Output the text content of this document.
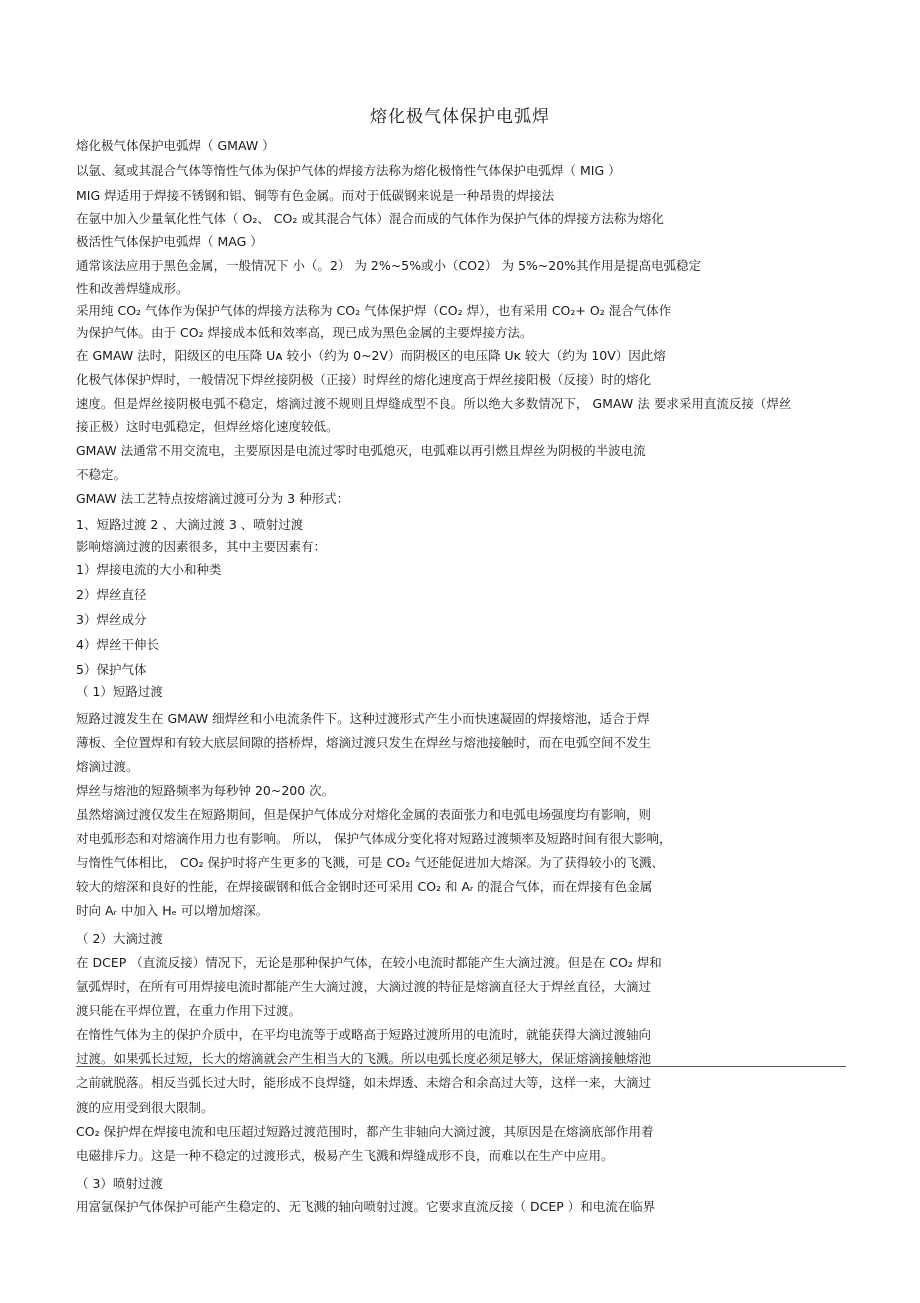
熔化极气体保护电弧焊
熔化极气体保护电弧焊（ GMAW ）
以氩、氦或其混合气体等惰性气体为保护气体的焊接方法称为熔化极惰性气体保护电弧焊（ MIG ）
MIG 焊适用于焊接不锈钢和铝、铜等有色金属。而对于低碳钢来说是一种昂贵的焊接法
在氩中加入少量氧化性气体（ O₂、 CO₂ 或其混合气体）混合而成的气体作为保护气体的焊接方法称为熔化
极活性气体保护电弧焊（ MAG ）
通常该法应用于黑色金属，一般情况下 小（。2） 为 2%~5%或小（CO2） 为 5%~20%其作用是提高电弧稳定
性和改善焊缝成形。
采用纯 CO₂ 气体作为保护气体的焊接方法称为 CO₂ 气体保护焊（CO₂ 焊），也有采用 CO₂+ O₂ 混合气体作
为保护气体。由于 CO₂ 焊接成本低和效率高，现已成为黑色金属的主要焊接方法。
在 GMAW 法时，阳级区的电压降 Uᴀ 较小（约为 0~2V）而阴极区的电压降 Uᴋ 较大（约为 10V）因此熔
化极气体保护焊时，一般情况下焊丝接阴极（正接）时焊丝的熔化速度高于焊丝接阳极（反接）时的熔化
速度。但是焊丝接阴极电弧不稳定，熔滴过渡不规则且焊缝成型不良。所以绝大多数情况下， GMAW 法 要求采用直流反接（焊丝
接正极）这时电弧稳定，但焊丝熔化速度较低。
GMAW 法通常不用交流电，主要原因是电流过零时电弧熄灭，电弧难以再引燃且焊丝为阴极的半波电流
不稳定。
GMAW 法工艺特点按熔滴过渡可分为 3 种形式：
1、短路过渡 2 、大滴过渡 3 、喷射过渡
影响熔滴过渡的因素很多，其中主要因素有：
1）焊接电流的大小和种类
2）焊丝直径
3）焊丝成分
4）焊丝干伸长
5）保护气体
（ 1）短路过渡
短路过渡发生在 GMAW 细焊丝和小电流条件下。这种过渡形式产生小而快速凝固的焊接熔池，适合于焊
薄板、全位置焊和有较大底层间隙的搭桥焊，熔滴过渡只发生在焊丝与熔池接触时，而在电弧空间不发生
熔滴过渡。
焊丝与熔池的短路频率为每秒钟 20~200 次。
虽然熔滴过渡仅发生在短路期间，但是保护气体成分对熔化金属的表面张力和电弧电场强度均有影响，则
对电弧形态和对熔滴作用力也有影响。 所以， 保护气体成分变化将对短路过渡频率及短路时间有很大影响，
与惰性气体相比， CO₂ 保护时将产生更多的飞溅，可是 CO₂ 气还能促进加大熔深。为了获得较小的飞溅、
较大的熔深和良好的性能，在焊接碳钢和低合金钢时还可采用 CO₂ 和 Aᵣ 的混合气体，而在焊接有色金属
时向 Aᵣ 中加入 Hₑ 可以增加熔深。
（ 2）大滴过渡
在 DCEP （直流反接）情况下，无论是那种保护气体，在较小电流时都能产生大滴过渡。但是在 CO₂ 焊和
氩弧焊时，在所有可用焊接电流时都能产生大滴过渡，大滴过渡的特征是熔滴直径大于焊丝直径，大滴过
渡只能在平焊位置，在重力作用下过渡。
在惰性气体为主的保护介质中，在平均电流等于或略高于短路过渡所用的电流时，就能获得大滴过渡轴向
过渡。如果弧长过短，长大的熔滴就会产生相当大的飞溅。所以电弧长度必须足够大，保证熔滴接触熔池
之前就脱落。相反当弧长过大时，能形成不良焊缝，如未焊透、未熔合和余高过大等，这样一来，大滴过
渡的应用受到很大限制。
CO₂ 保护焊在焊接电流和电压超过短路过渡范围时，都产生非轴向大滴过渡，其原因是在熔滴底部作用着
电磁排斥力。这是一种不稳定的过渡形式，极易产生飞溅和焊缝成形不良，而难以在生产中应用。
（ 3）喷射过渡
用富氩保护气体保护可能产生稳定的、无飞溅的轴向喷射过渡。它要求直流反接（ DCEP ）和电流在临界
